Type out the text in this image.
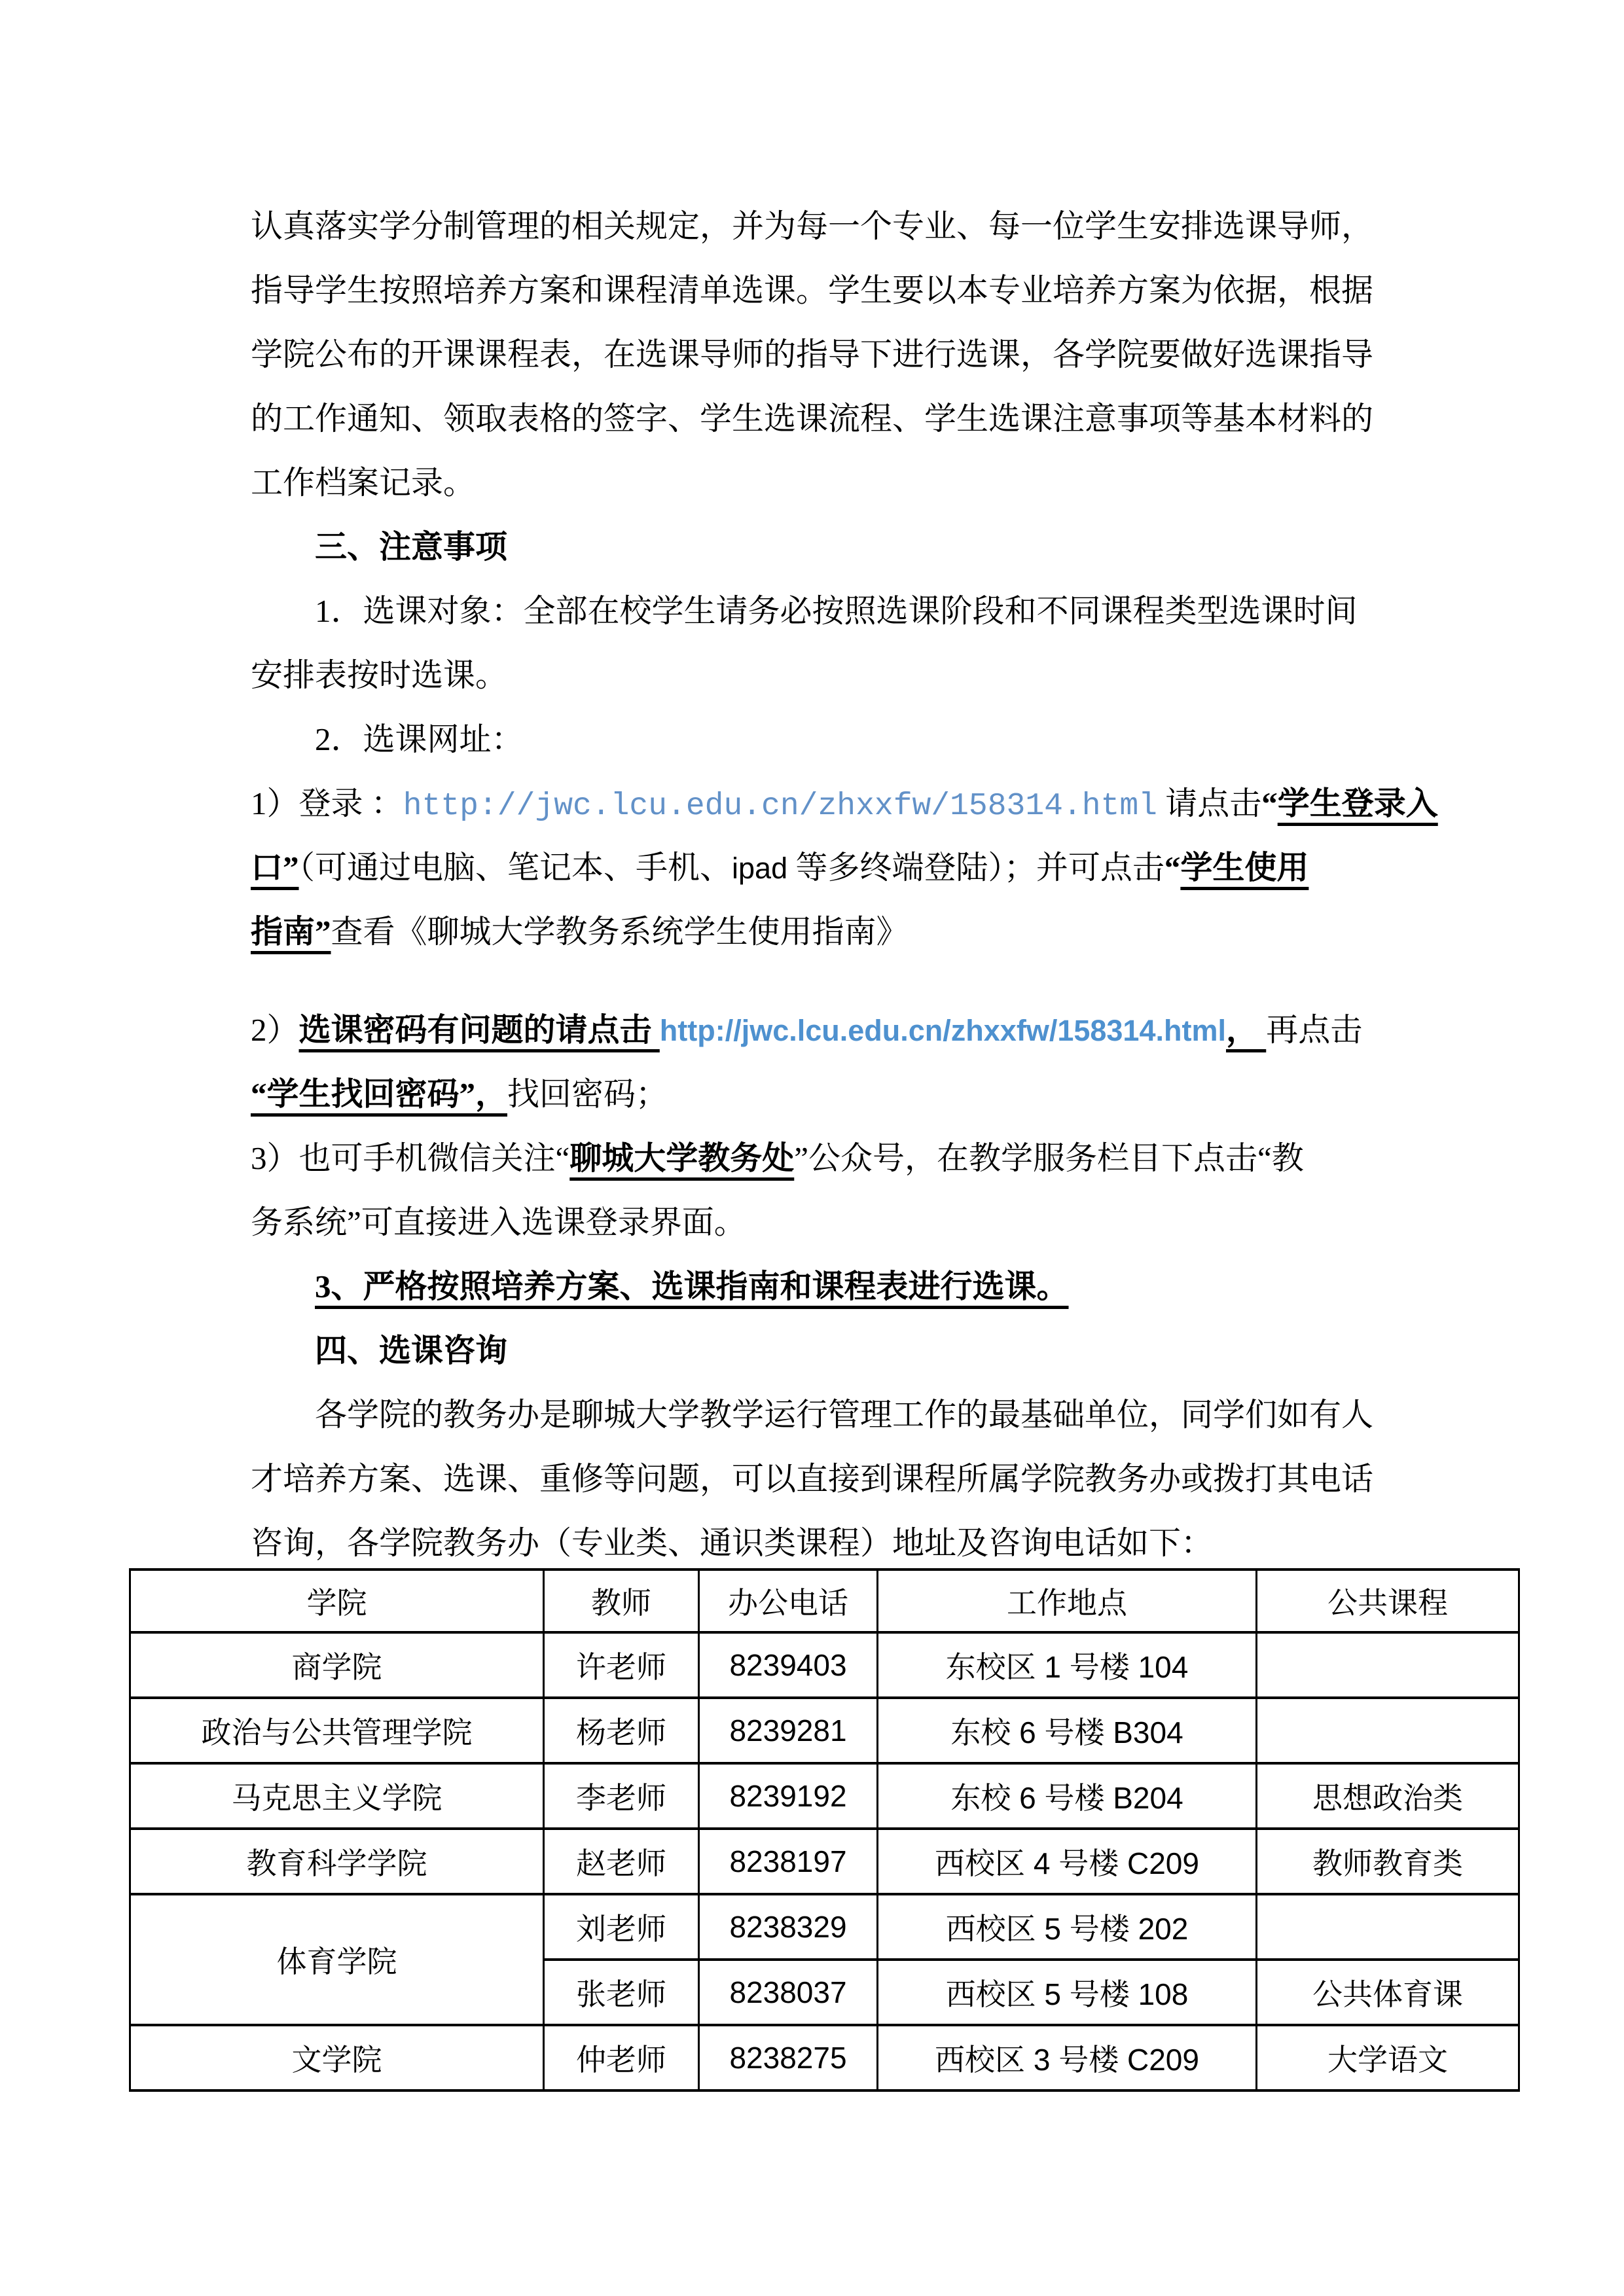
认真落实学分制管理的相关规定，并为每一个专业、每一位学生安排选课导师，
指导学生按照培养方案和课程清单选课。学生要以本专业培养方案为依据，根据
学院公布的开课课程表，在选课导师的指导下进行选课，各学院要做好选课指导
的工作通知、领取表格的签字、学生选课流程、学生选课注意事项等基本材料的
工作档案记录。
三、注意事项
1．选课对象：全部在校学生请务必按照选课阶段和不同课程类型选课时间
安排表按时选课。
2．选课网址：
1）登录 ：http://jwc.lcu.edu.cn/zhxxfw/158314.html 请点击“学生登录入
口”（可通过电脑、笔记本、手机、ipad 等多终端登陆）；并可点击“学生使用
指南”查看《聊城大学教务系统学生使用指南》
2）选课密码有问题的请点击 http://jwc.lcu.edu.cn/zhxxfw/158314.html， 再点击
“学生找回密码”，找回密码；
3）也可手机微信关注“聊城大学教务处”公众号，在教学服务栏目下点击“教
务系统”可直接进入选课登录界面。
3、严格按照培养方案、选课指南和课程表进行选课。
四、选课咨询
各学院的教务办是聊城大学教学运行管理工作的最基础单位，同学们如有人
才培养方案、选课、重修等问题，可以直接到课程所属学院教务办或拨打其电话
咨询，各学院教务办（专业类、通识类课程）地址及咨询电话如下：
学院	教师	办公电话	工作地点	公共课程
商学院	许老师	8239403	东校区 1 号楼 104	
政治与公共管理学院	杨老师	8239281	东校 6 号楼 B304	
马克思主义学院	李老师	8239192	东校 6 号楼 B204	思想政治类
教育科学学院	赵老师	8238197	西校区 4 号楼 C209	教师教育类
体育学院	刘老师	8238329	西校区 5 号楼 202	
	张老师	8238037	西校区 5 号楼 108	公共体育课
文学院	仲老师	8238275	西校区 3 号楼 C209	大学语文
